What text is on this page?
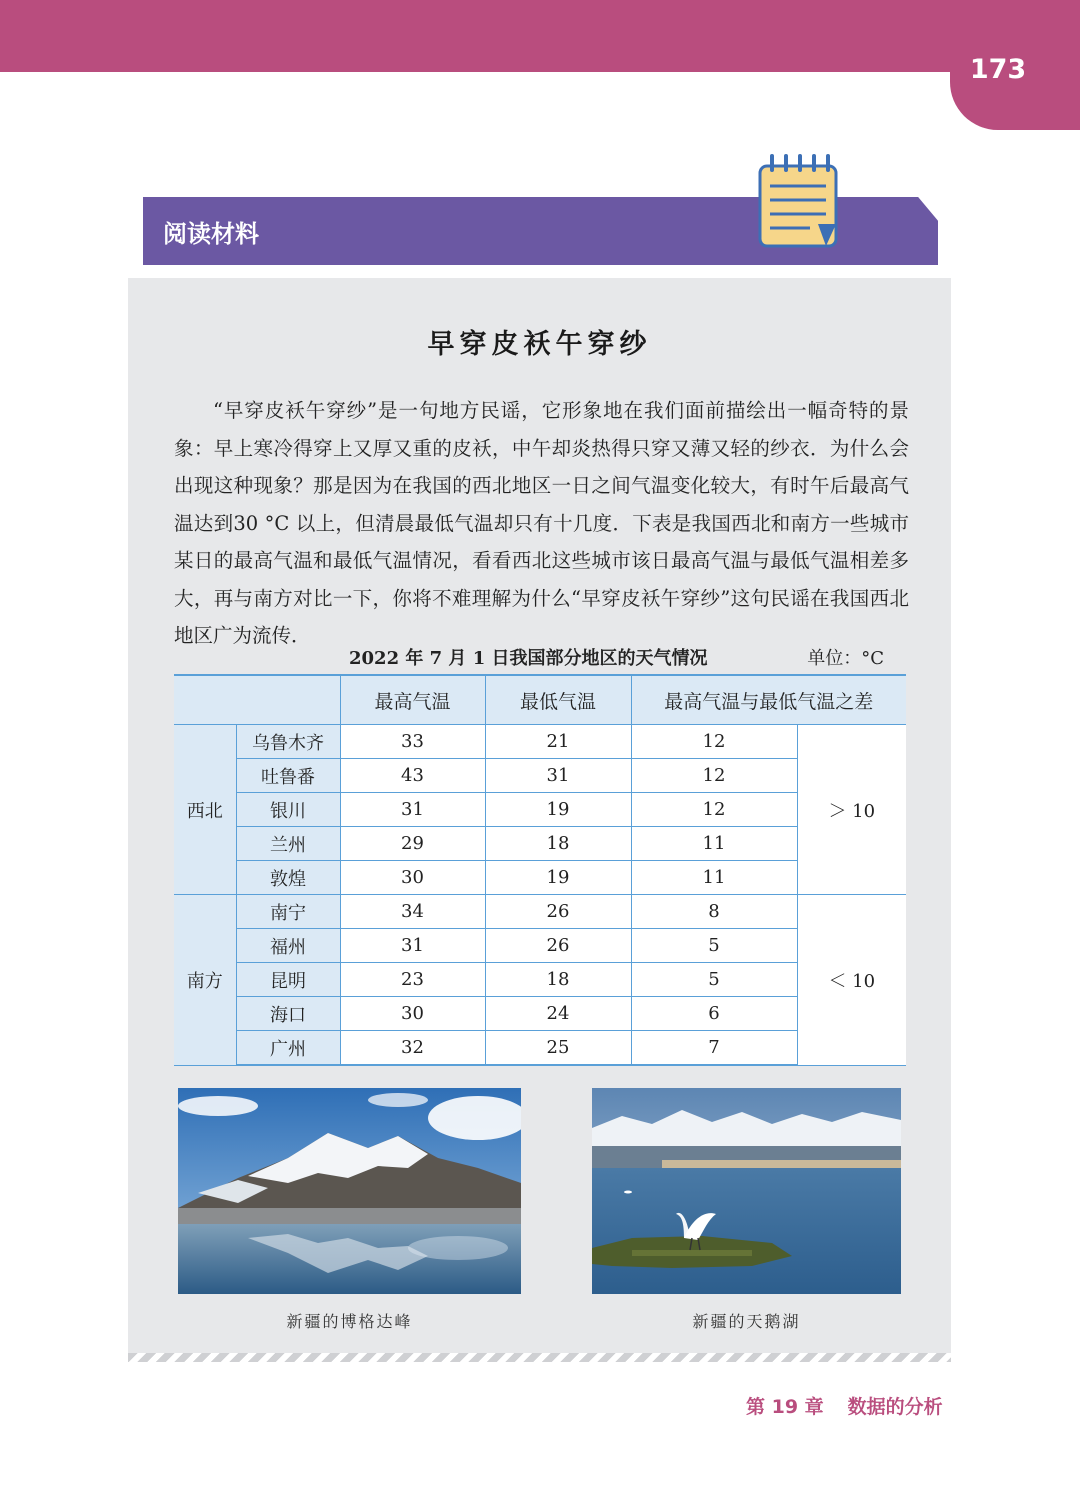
173
阅读材料
早穿皮袄午穿纱
“早穿皮袄午穿纱”是一句地方民谣，它形象地在我们面前描绘出一幅奇特的景象：早上寒冷得穿上又厚又重的皮袄，中午却炎热得只穿又薄又轻的纱衣．为什么会出现这种现象？那是因为在我国的西北地区一日之间气温变化较大，有时午后最高气温达到30 °C 以上，但清晨最低气温却只有十几度．下表是我国西北和南方一些城市某日的最高气温和最低气温情况，看看西北这些城市该日最高气温与最低气温相差多大，再与南方对比一下，你将不难理解为什么“早穿皮袄午穿纱”这句民谣在我国西北地区广为流传．
2022 年 7 月 1 日我国部分地区的天气情况	单位：°C
		最高气温	最低气温	最高气温与最低气温之差	
西北	乌鲁木齐	33	21	12	＞ 10
	吐鲁番	43	31	12	
	银川	31	19	12	
	兰州	29	18	11	
	敦煌	30	19	11	
南方	南宁	34	26	8	＜ 10
	福州	31	26	5	
	昆明	23	18	5	
	海口	30	24	6	
	广州	32	25	7	
新疆的博格达峰	新疆的天鹅湖
第 19 章 数据的分析
